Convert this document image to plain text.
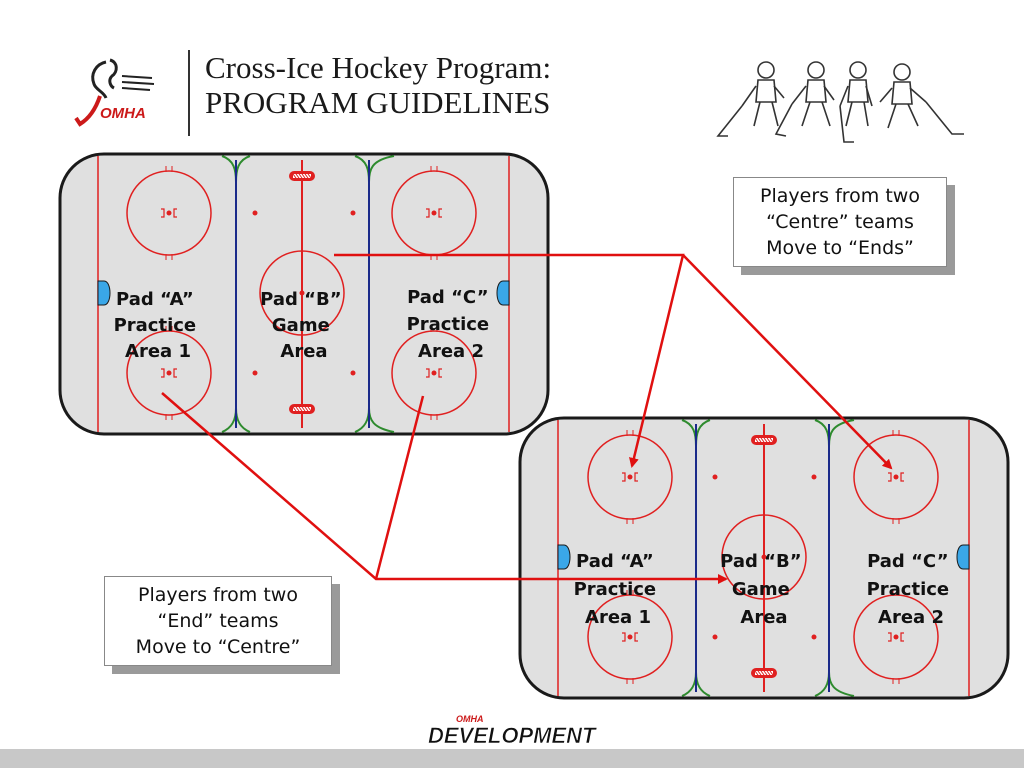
OMHA
Cross-Ice Hockey Program:
PROGRAM GUIDELINES
Pad “A” Practice Area 1
Pad “B” Game Area
Pad “C” Practice Area 2
Pad “A” Practice Area 1
Pad “B” Game Area
Pad “C” Practice Area 2
Players from two
“Centre” teams
Move to “Ends”
Players from two
“End” teams
Move to “Centre”
OMHA
DEVELOPMENT
